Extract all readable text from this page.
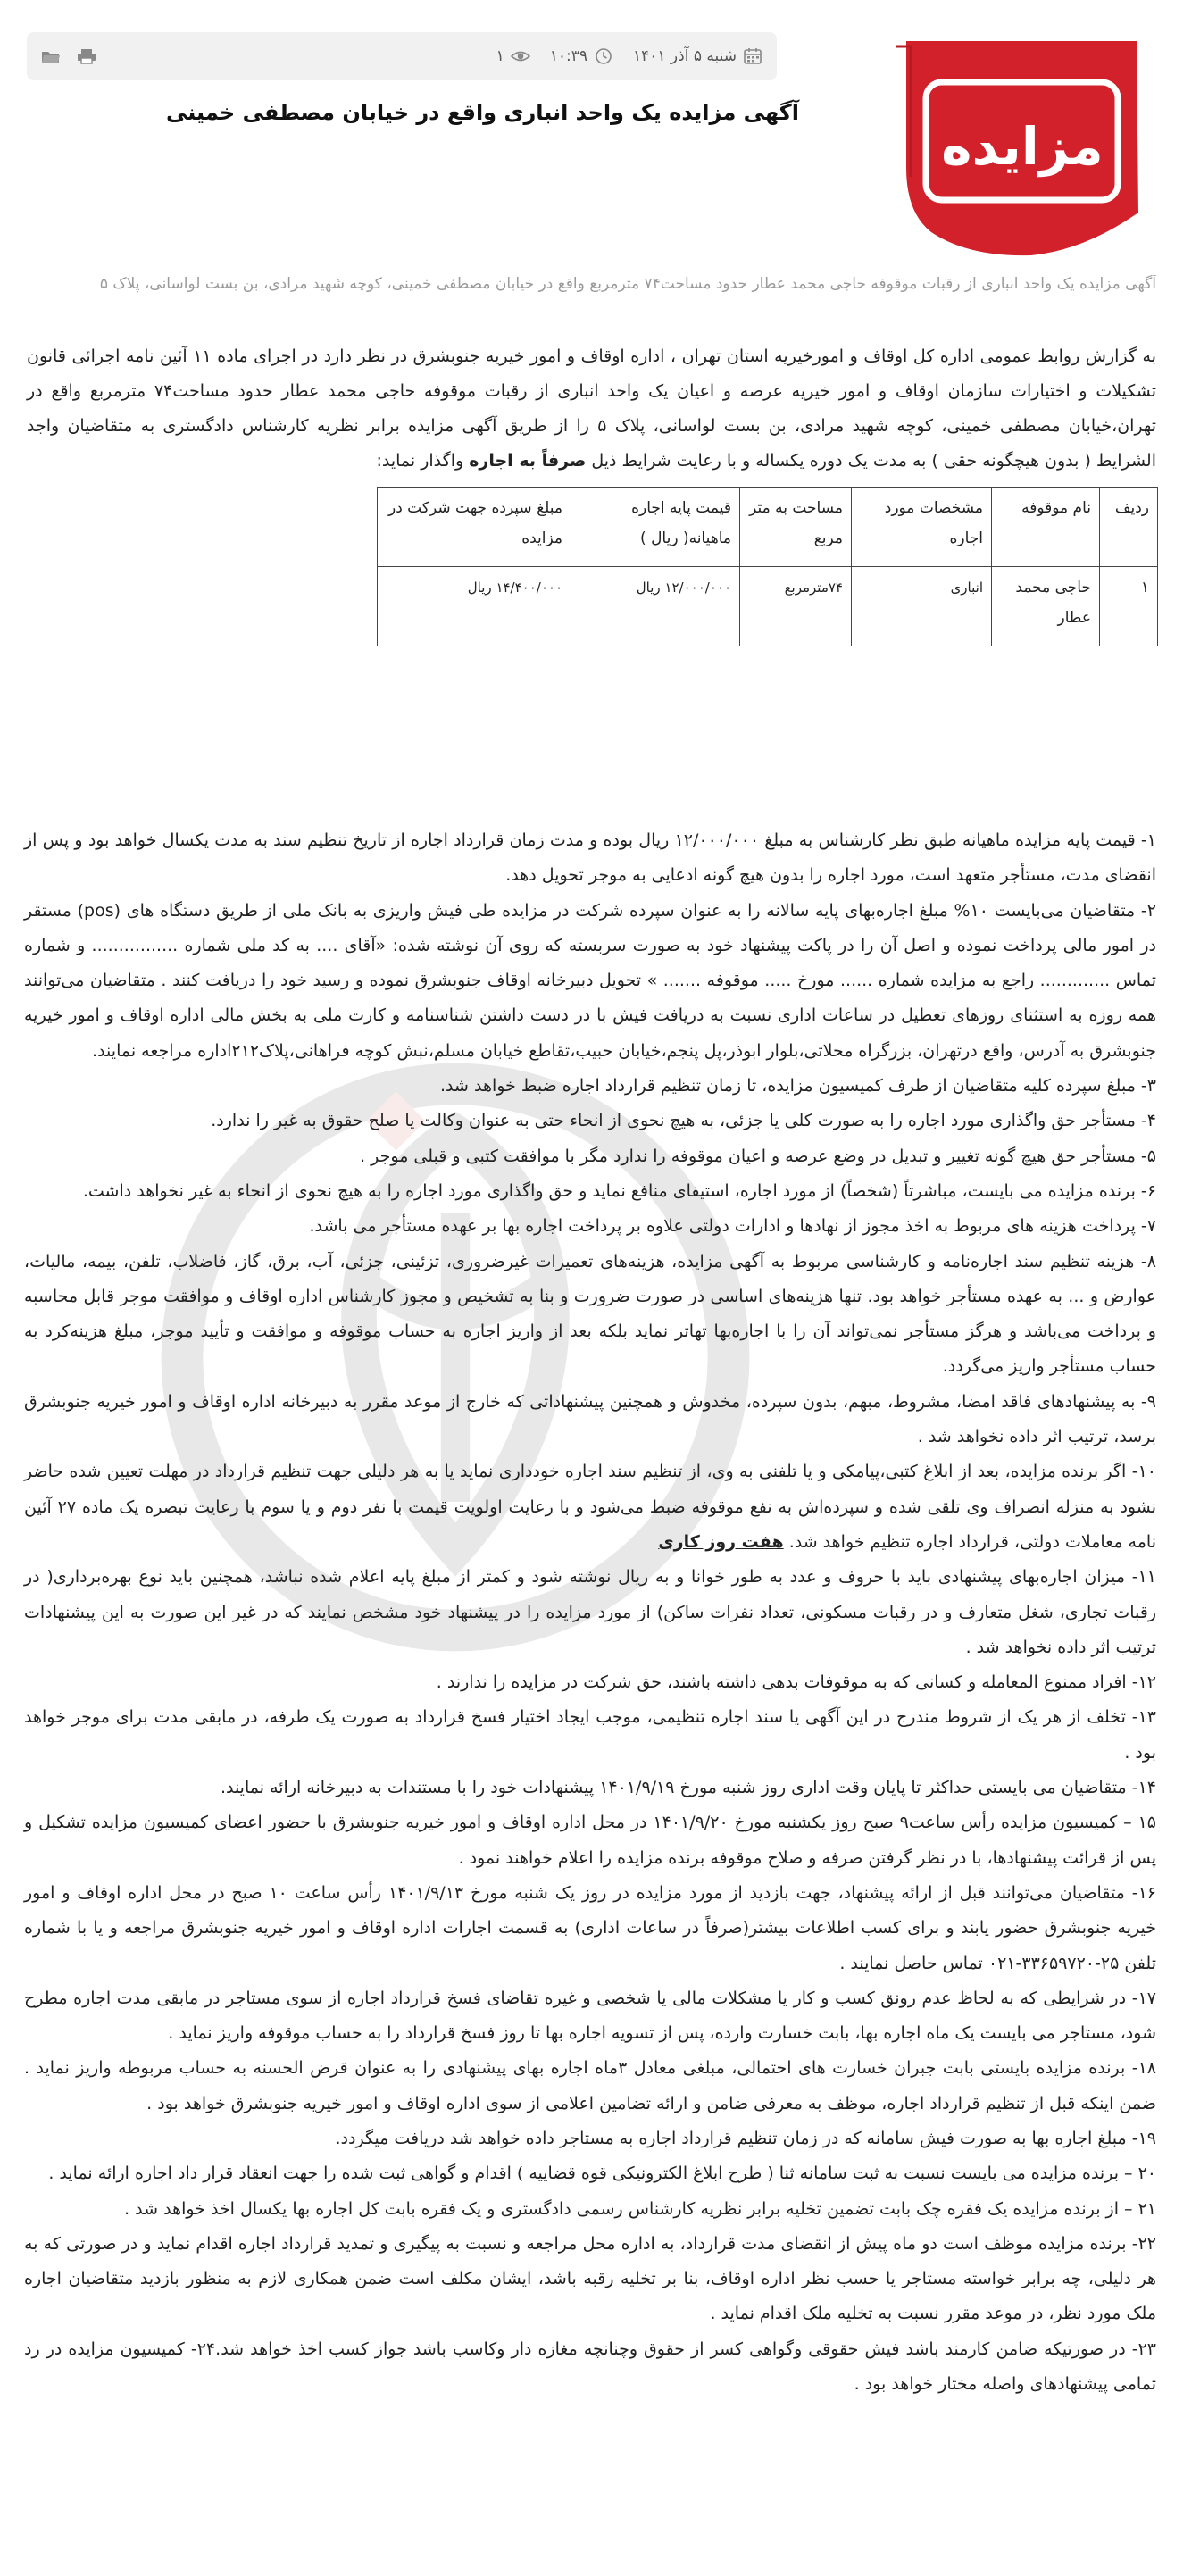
شنبه ۵ آذر ۱۴۰۱
۱۰:۳۹
۱
مزایده
آگهی مزایده یک واحد انباری واقع در خیابان مصطفی خمینی
آگهی مزایده یک واحد انباری از رقبات موقوفه حاجی محمد عطار حدود مساحت۷۴ مترمربع واقع در خیابان مصطفی خمینی، کوچه شهید مرادی، بن بست لواسانی، پلاک ۵

به گزارش روابط عمومی اداره کل اوقاف و امورخیریه استان تهران ، اداره اوقاف و امور خیریه جنوبشرق در نظر دارد در اجرای ماده ۱۱ آئین نامه اجرائی قانون تشکیلات و اختیارات سازمان اوقاف و امور خیریه عرصه و اعیان یک واحد انباری از رقبات موقوفه حاجی محمد عطار حدود مساحت۷۴ مترمربع واقع در تهران،خیابان مصطفی خمینی، کوچه شهید مرادی، بن بست لواسانی، پلاک ۵ را از طریق آگهی مزایده برابر نظریه کارشناس دادگستری به متقاضیان واجد الشرایط ( بدون هیچگونه حقی ) به مدت یک دوره یکساله و با رعایت شرایط ذیل صرفاً به اجاره واگذار نماید:

ردیف	نام موقوفه	مشخصات مورد اجاره	مساحت به متر مربع	قیمت پایه اجاره ماهیانه( ریال )	مبلغ سپرده جهت شرکت در مزایده
۱	حاجی محمد عطار	انباری	۷۴مترمربع	۱۲/۰۰۰/۰۰۰ ریال	۱۴/۴۰۰/۰۰۰ ریال

۱- قیمت پایه مزایده ماهیانه طبق نظر کارشناس به مبلغ ۱۲/۰۰۰/۰۰۰ ریال بوده و مدت زمان قرارداد اجاره از تاریخ تنظیم سند به مدت یکسال خواهد بود و پس از انقضای مدت، مستأجر متعهد است، مورد اجاره را بدون هیچ گونه ادعایی به موجر تحویل دهد.

۲- متقاضیان می‌بایست ۱۰% مبلغ اجاره‌بهای پایه سالانه را به عنوان سپرده شرکت در مزایده طی فیش واریزی به بانک ملی از طریق دستگاه های (pos) مستقر در امور مالی پرداخت نموده و اصل آن را در پاکت پیشنهاد خود به صورت سربسته که روی آن نوشته شده: «آقای .... به کد ملی شماره ................ و شماره تماس ............. راجع به مزایده شماره ...... مورخ ..... موقوفه ....... » تحویل دبیرخانه اوقاف جنوبشرق نموده و رسید خود را دریافت کنند . متقاضیان می‌توانند همه روزه به استثنای روزهای تعطیل در ساعات اداری نسبت به دریافت فیش با در دست داشتن شناسنامه و کارت ملی به بخش مالی اداره اوقاف و امور خیریه جنوبشرق به آدرس، واقع درتهران، بزرگراه محلاتی،بلوار ابوذر،پل پنجم،خیابان حبیب،تقاطع خیابان مسلم،نبش کوچه فراهانی،پلاک۲۱۲اداره مراجعه نمایند.

۳- مبلغ سپرده کلیه متقاضیان از طرف کمیسیون مزایده، تا زمان تنظیم قرارداد اجاره ضبط خواهد شد.

۴- مستأجر حق واگذاری مورد اجاره را به صورت کلی یا جزئی، به هیچ نحوی از انحاء حتی به عنوان وکالت یا صلح حقوق به غیر را ندارد.

۵- مستأجر حق هیچ گونه تغییر و تبدیل در وضع عرصه و اعیان موقوفه را ندارد مگر با موافقت کتبی و قبلی موجر .

۶- برنده مزایده می بایست، مباشرتاً (شخصاً) از مورد اجاره، استیفای منافع نماید و حق واگذاری مورد اجاره را به هیچ نحوی از انحاء به غیر نخواهد داشت.

۷- پرداخت هزینه های مربوط به اخذ مجوز از نهادها و ادارات دولتی علاوه بر پرداخت اجاره بها بر عهده مستأجر می باشد.

۸- هزینه تنظیم سند اجاره‌نامه و کارشناسی مربوط به آگهی مزایده، هزینه‌های تعمیرات غیرضروری، تزئینی، جزئی، آب، برق، گاز، فاضلاب، تلفن، بیمه، مالیات، عوارض و ... به عهده مستأجر خواهد بود. تنها هزینه‌های اساسی در صورت ضرورت و بنا به تشخیص و مجوز کارشناس اداره اوقاف و موافقت موجر قابل محاسبه و پرداخت می‌باشد و هرگز مستأجر نمی‌تواند آن را با اجاره‌بها تهاتر نماید بلکه بعد از واریز اجاره به حساب موقوفه و موافقت و تأیید موجر، مبلغ هزینه‌کرد به حساب مستأجر واریز می‌گردد.

۹- به پیشنهادهای فاقد امضا، مشروط، مبهم، بدون سپرده، مخدوش و همچنین پیشنهاداتی که خارج از موعد مقرر به دبیرخانه اداره اوقاف و امور خیریه جنوبشرق برسد، ترتیب اثر داده نخواهد شد .

۱۰- اگر برنده مزایده، بعد از ابلاغ کتبی،پیامکی و یا تلفنی به وی، از تنظیم سند اجاره خودداری نماید یا به هر دلیلی جهت تنظیم قرارداد در مهلت تعیین شده حاضر نشود به منزله انصراف وی تلقی شده و سپرده‌اش به نفع موقوفه ضبط می‌شود و با رعایت اولویت قیمت با نفر دوم و یا سوم با رعایت تبصره یک ماده ۲۷ آئین نامه معاملات دولتی، قرارداد اجاره تنظیم خواهد شد. هفت روز کاری

۱۱- میزان اجاره‌بهای پیشنهادی باید با حروف و عدد به طور خوانا و به ریال نوشته شود و کمتر از مبلغ پایه اعلام شده نباشد، همچنین باید نوع بهره‌برداری( در رقبات تجاری، شغل متعارف و در رقبات مسکونی، تعداد نفرات ساکن) از مورد مزایده را در پیشنهاد خود مشخص نمایند که در غیر این صورت به این پیشنهادات ترتیب اثر داده نخواهد شد .

۱۲- افراد ممنوع المعامله و کسانی که به موقوفات بدهی داشته باشند، حق شرکت در مزایده را ندارند .

۱۳- تخلف از هر یک از شروط مندرج در این آگهی یا سند اجاره تنظیمی، موجب ایجاد اختیار فسخ قرارداد به صورت یک طرفه، در مابقی مدت برای موجر خواهد بود .

۱۴- متقاضیان می بایستی حداکثر تا پایان وقت اداری روز شنبه مورخ ۱۴۰۱/۹/۱۹ پیشنهادات خود را با مستندات به دبیرخانه ارائه نمایند.

۱۵ – کمیسیون مزایده رأس ساعت۹ صبح روز یکشنبه مورخ ۱۴۰۱/۹/۲۰ در محل اداره اوقاف و امور خیریه جنوبشرق با حضور اعضای کمیسیون مزایده تشکیل و پس از قرائت پیشنهادها، با در نظر گرفتن صرفه و صلاح موقوفه برنده مزایده را اعلام خواهند نمود .

۱۶- متقاضیان می‌توانند قبل از ارائه پیشنهاد، جهت بازدید از مورد مزایده در روز یک شنبه مورخ ۱۴۰۱/۹/۱۳ رأس ساعت ۱۰ صبح در محل اداره اوقاف و امور خیریه جنوبشرق حضور یابند و برای کسب اطلاعات بیشتر(صرفاً در ساعات اداری) به قسمت اجارات اداره اوقاف و امور خیریه جنوبشرق مراجعه و یا با شماره تلفن ۲۵-۳۳۶۵۹۷۲۰-۰۲۱ تماس حاصل نمایند .

۱۷- در شرایطی که به لحاظ عدم رونق کسب و کار یا مشکلات مالی یا شخصی و غیره تقاضای فسخ قرارداد اجاره از سوی مستاجر در مابقی مدت اجاره مطرح شود، مستاجر می بایست یک ماه اجاره بها، بابت خسارت وارده، پس از تسویه اجاره بها تا روز فسخ قرارداد را به حساب موقوفه واریز نماید .

۱۸- برنده مزایده بایستی بابت جبران خسارت های احتمالی، مبلغی معادل ۳ماه اجاره بهای پیشنهادی را به عنوان قرض الحسنه به حساب مربوطه واریز نماید . ضمن اینکه قبل از تنظیم قرارداد اجاره، موظف به معرفی ضامن و ارائه تضامین اعلامی از سوی اداره اوقاف و امور خیریه جنوبشرق خواهد بود .

۱۹- مبلغ اجاره بها به صورت فیش سامانه که در زمان تنظیم قرارداد اجاره به مستاجر داده خواهد شد دریافت میگردد.

۲۰ – برنده مزایده می بایست نسبت به ثبت سامانه ثنا ( طرح ابلاغ الکترونیکی قوه قضاییه ) اقدام و گواهی ثبت شده را جهت انعقاد قرار داد اجاره ارائه نماید .

۲۱ – از برنده مزایده یک فقره چک بابت تضمین تخلیه برابر نظریه کارشناس رسمی دادگستری و یک فقره بابت کل اجاره بها یکسال اخذ خواهد شد .

۲۲- برنده مزایده موظف است دو ماه پیش از انقضای مدت قرارداد، به اداره محل مراجعه و نسبت به پیگیری و تمدید قرارداد اجاره اقدام نماید و در صورتی که به هر دلیلی، چه برابر خواسته مستاجر یا حسب نظر اداره اوقاف، بنا بر تخلیه رقبه باشد، ایشان مکلف است ضمن همکاری لازم به منظور بازدید متقاضیان اجاره ملک مورد نظر، در موعد مقرر نسبت به تخلیه ملک اقدام نماید .

۲۳- در صورتیکه ضامن کارمند باشد فیش حقوقی وگواهی کسر از حقوق وچنانچه مغازه دار وکاسب باشد جواز کسب اخذ خواهد شد.۲۴- کمیسیون مزایده در رد تمامی پیشنهادهای واصله مختار خواهد بود .
